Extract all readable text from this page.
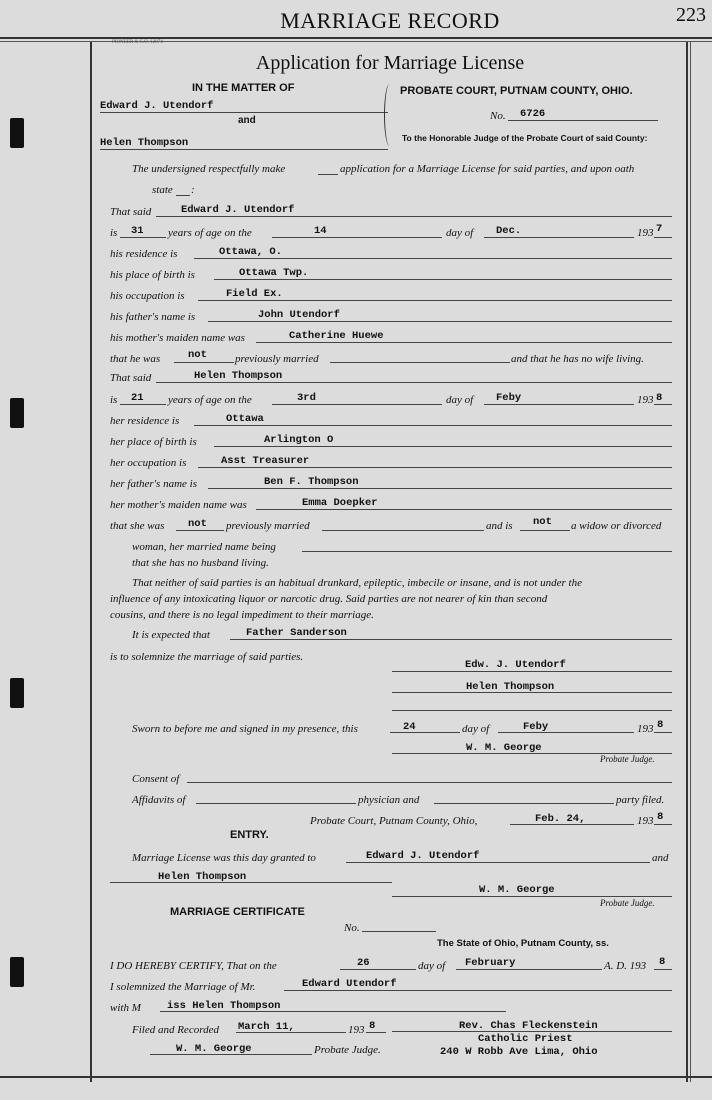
MARRIAGE RECORD	223
PIONEER & C.O. 12874
Application for Marriage License
IN THE MATTER OF
Edward J. Utendorf
and
Helen Thompson
PROBATE COURT, PUTNAM COUNTY, OHIO.
No. 6726
To the Honorable Judge of the Probate Court of said County:
The undersigned respectfully make	application for a Marriage License for said parties, and upon oath
state :
That said	Edward J. Utendorf
is 31 years of age on the	14	day of Dec.	193 7
his residence is	Ottawa, O.
his place of birth is	Ottawa Twp.
his occupation is	Field Ex.
his father's name is	John Utendorf
his mother's maiden name was	Catherine Huewe
that he was	not	previously married	and that he has no wife living.
That said	Helen Thompson
is 21 years of age on the	3rd	day of Feby	193 8
her residence is	Ottawa
her place of birth is	Arlington O
her occupation is	Asst Treasurer
her father's name is	Ben F. Thompson
her mother's maiden name was	Emma Doepker
that she was not previously married	and is not a widow or divorced
woman, her married name being
that she has no husband living.
That neither of said parties is an habitual drunkard, epileptic, imbecile or insane, and is not under the
influence of any intoxicating liquor or narcotic drug. Said parties are not nearer of kin than second
cousins, and there is no legal impediment to their marriage.
It is expected that	Father Sanderson
is to solemnize the marriage of said parties.
Edw. J. Utendorf
Helen Thompson
Sworn to before me and signed in my presence, this	24	day of	Feby	193 8
W. M. George
Probate Judge.
Consent of
Affidavits of	physician and	party filed.
Probate Court, Putnam County, Ohio,	Feb. 24,	193 8
ENTRY.
Marriage License was this day granted to	Edward J. Utendorf	and
Helen Thompson
W. M. George
Probate Judge.
MARRIAGE CERTIFICATE
No.
The State of Ohio, Putnam County, ss.
I DO HEREBY CERTIFY, That on the	26	day of February	A. D. 193 8
I solemnized the Marriage of Mr.	Edward Utendorf
with M iss Helen Thompson
Filed and Recorded March 11,	193 8	Rev. Chas Fleckenstein
Catholic Priest
240 W Robb Ave Lima, Ohio
W. M. George	Probate Judge.
